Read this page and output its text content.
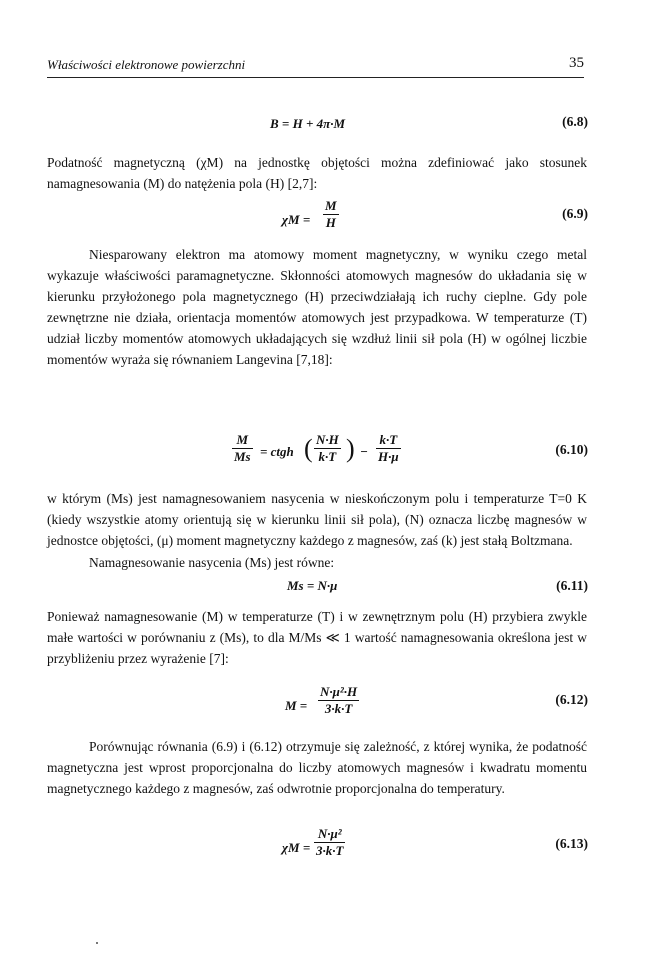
Właściwości elektronowe powierzchni	35
B = H + 4π·M	(6.8)
Podatność magnetyczną (χM) na jednostkę objętości można zdefiniować jako stosunek namagnesowania (M) do natężenia pola (H) [2,7]:
$\chi M = \frac{M}{H}$	(6.9)
Niesparowany elektron ma atomowy moment magnetyczny, w wyniku czego metal wykazuje właściwości paramagnetyczne. Skłonności atomowych magnesów do układania się w kierunku przyłożonego pola magnetycznego (H) przeciwdziałają ich ruchy cieplne. Gdy pole zewnętrzne nie działa, orientacja momentów atomowych jest przypadkowa. W temperaturze (T) udział liczby momentów atomowych układających się wzdłuż linii sił pola (H) w ogólnej liczbie momentów wyraża się równaniem Langevina [7,18]:
$\frac{M}{Ms}$ = ctgh ( $\frac{N\cdot H}{k\cdot T}$ ) − $\frac{k\cdot T}{H\cdot\mu}$	(6.10)
w którym (Ms) jest namagnesowaniem nasycenia w nieskończonym polu i temperaturze T=0 K (kiedy wszystkie atomy orientują się w kierunku linii sił pola), (N) oznacza liczbę magnesów w jednostce objętości, (μ) moment magnetyczny każdego z magnesów, zaś (k) jest stałą Boltzmana.
Namagnesowanie nasycenia (Ms) jest równe:
Ms = N·μ	(6.11)
Ponieważ namagnesowanie (M) w temperaturze (T) i w zewnętrznym polu (H) przybiera zwykle małe wartości w porównaniu z (Ms), to dla M/Ms ≪ 1 wartość namagnesowania określona jest w przybliżeniu przez wyrażenie [7]:
$M = \frac{\text{N·μ²·H}}{3\cdot k\cdot T}$	(6.12)
Porównując równania (6.9) i (6.12) otrzymuje się zależność, z której wynika, że podatność magnetyczna jest wprost proporcjonalna do liczby atomowych magnesów i kwadratu momentu magnetycznego każdego z magnesów, zaś odwrotnie proporcjonalna do temperatury.
$\chi M = \frac{\text{N·μ²}}{3\cdot k\cdot T}$	(6.13)
